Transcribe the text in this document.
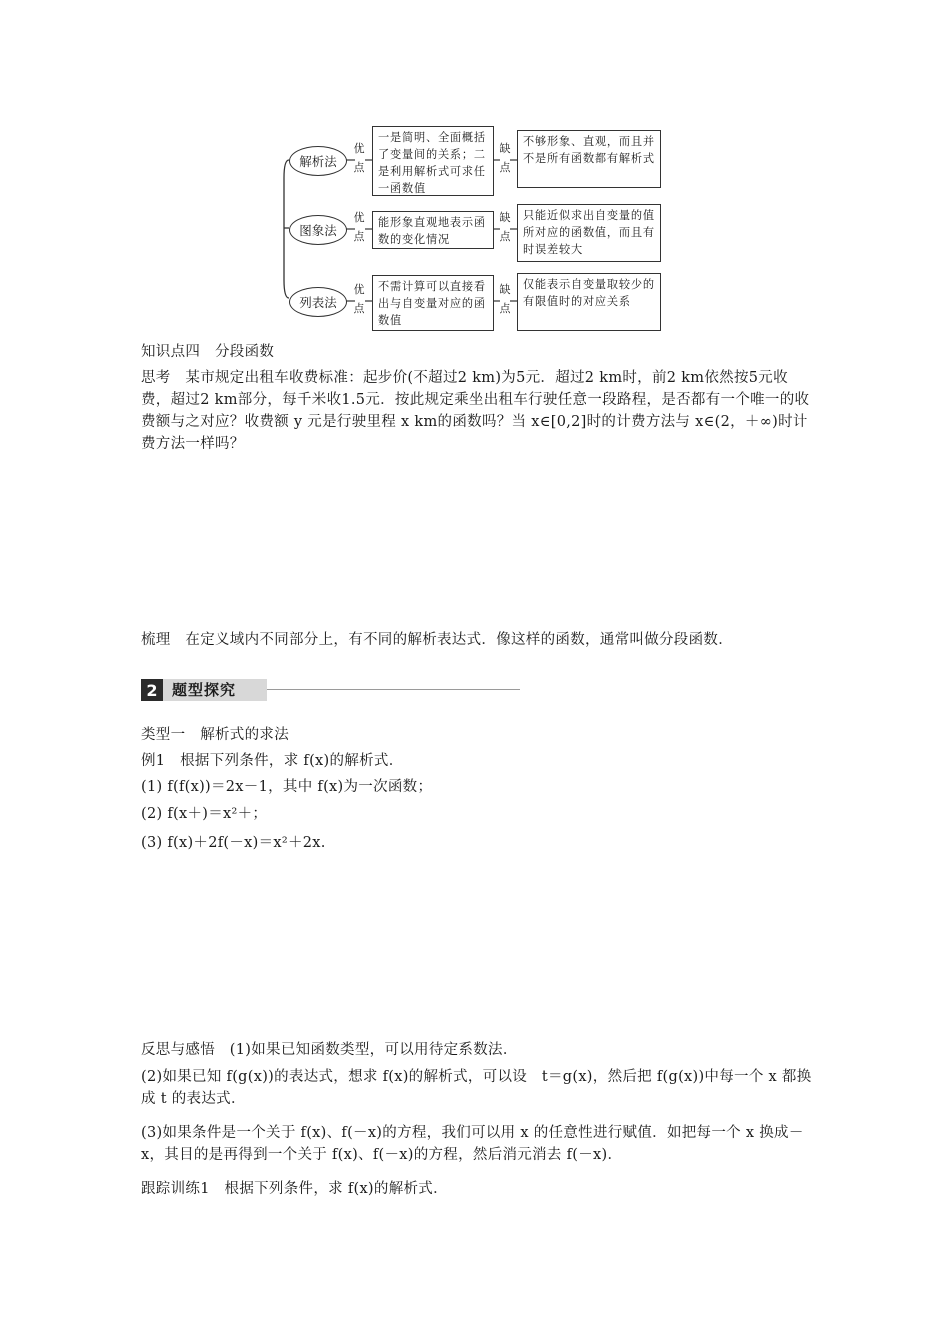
解析法
优点
一是简明、全面概括了变量间的关系；二是利用解析式可求任一函数值
缺点
不够形象、直观，而且并不是所有函数都有解析式
图象法
优点
能形象直观地表示函数的变化情况
缺点
只能近似求出自变量的值所对应的函数值，而且有时误差较大
列表法
优点
不需计算可以直接看出与自变量对应的函数值
缺点
仅能表示自变量取较少的有限值时的对应关系
知识点四　分段函数
思考　某市规定出租车收费标准：起步价(不超过2 km)为5元．超过2 km时，前2 km依然按5元收费，超过2 km部分，每千米收1.5元．按此规定乘坐出租车行驶任意一段路程，是否都有一个唯一的收费额与之对应？收费额 y 元是行驶里程 x km的函数吗？当 x∈[0,2]时的计费方法与 x∈(2，＋∞)时计费方法一样吗？
梳理　在定义域内不同部分上，有不同的解析表达式．像这样的函数，通常叫做分段函数．
2 题型探究
类型一　解析式的求法
例1　根据下列条件，求 f(x)的解析式．
(1) f(f(x))＝2x－1，其中 f(x)为一次函数；
(2) f(x＋)＝x²＋；
(3) f(x)＋2f(－x)＝x²＋2x.
反思与感悟　(1)如果已知函数类型，可以用待定系数法．
(2)如果已知 f(g(x))的表达式，想求 f(x)的解析式，可以设　t＝g(x)，然后把 f(g(x))中每一个 x 都换成 t 的表达式．
(3)如果条件是一个关于 f(x)、f(－x)的方程，我们可以用 x 的任意性进行赋值．如把每一个 x 换成－x，其目的是再得到一个关于 f(x)、f(－x)的方程，然后消元消去 f(－x)．
跟踪训练1　根据下列条件，求 f(x)的解析式．
